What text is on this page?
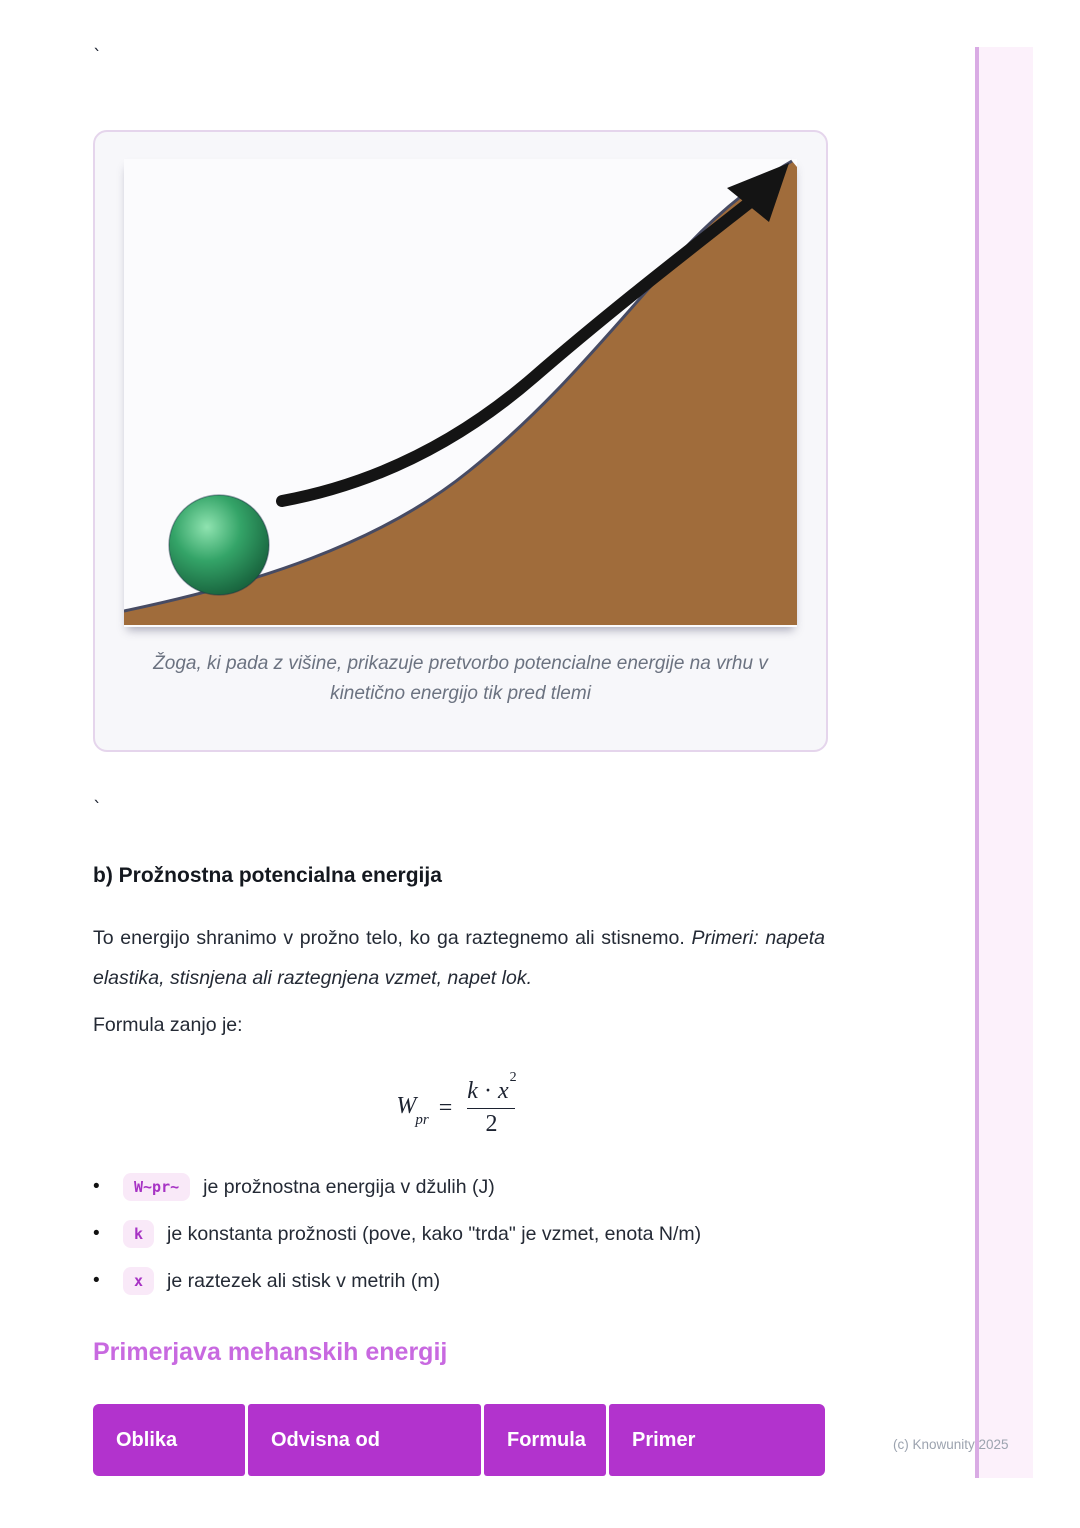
`
Žoga, ki pada z višine, prikazuje pretvorbo potencialne energije na vrhu v
kinetično energijo tik pred tlemi
`
b) Prožnostna potencialna energija

To energijo shranimo v prožno telo, ko ga raztegnemo ali stisnemo. Primeri: napeta elastika, stisnjena ali raztegnjena vzmet, napet lok.

Formula zanjo je:
$W_{pr} = \frac{k \cdot x^2}{2}$
•	W~pr~	je prožnostna energija v džulih (J)
•	k	je konstanta prožnosti (pove, kako "trda" je vzmet, enota N/m)
•	x	je raztezek ali stisk v metrih (m)
Primerjava mehanskih energij
Oblika	Odvisna od	Formula	Primer	(c) Knowunity 2025
